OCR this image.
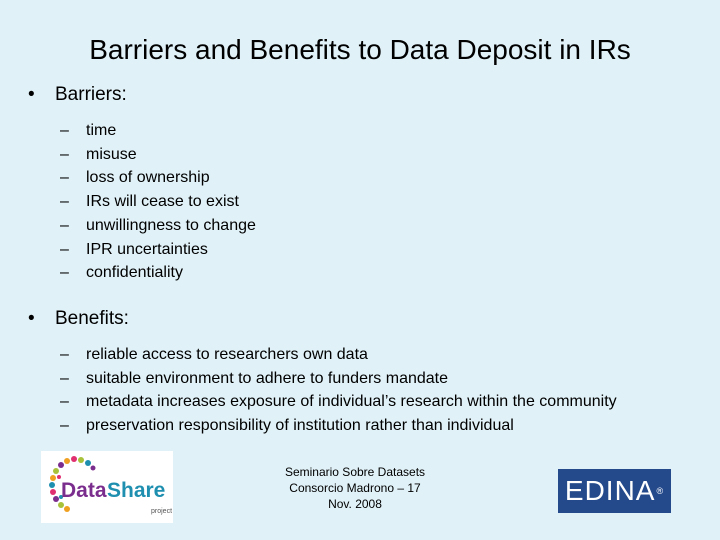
Barriers and Benefits to Data Deposit in IRs
•	Barriers:
–	time
–	misuse
–	loss of ownership
–	IRs will cease to exist
–	unwillingness to change
–	IPR uncertainties
–	confidentiality
•	Benefits:
–	reliable access to researchers own data
–	suitable environment to adhere to funders mandate
–	metadata increases exposure of individual’s research within the community
–	preservation responsibility of institution rather than individual
Data Share
project
Seminario Sobre Datasets
Consorcio Madrono – 17
Nov. 2008	EDINA ®
